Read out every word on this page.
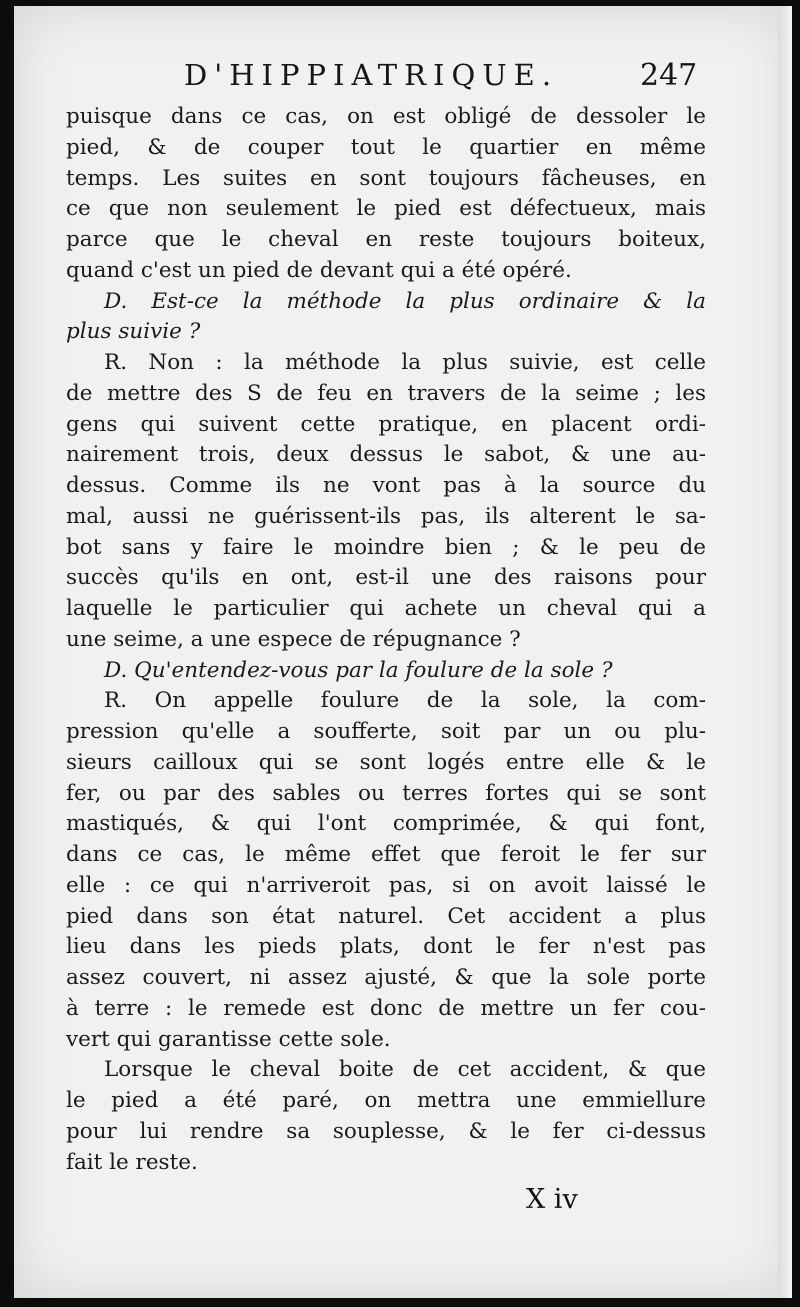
D'HIPPIATRIQUE.	247
puisque dans ce cas, on est obligé de dessoler le
pied, & de couper tout le quartier en même
temps. Les suites en sont toujours fâcheuses, en
ce que non seulement le pied est défectueux, mais
parce que le cheval en reste toujours boiteux,
quand c'est un pied de devant qui a été opéré.
D. Est-ce la méthode la plus ordinaire & la
plus suivie ?
R. Non : la méthode la plus suivie, est celle
de mettre des S de feu en travers de la seime ; les
gens qui suivent cette pratique, en placent ordi-
nairement trois, deux dessus le sabot, & une au-
dessus. Comme ils ne vont pas à la source du
mal, aussi ne guérissent-ils pas, ils alterent le sa-
bot sans y faire le moindre bien ; & le peu de
succès qu'ils en ont, est-il une des raisons pour
laquelle le particulier qui achete un cheval qui a
une seime, a une espece de répugnance ?
D. Qu'entendez-vous par la foulure de la sole ?
R. On appelle foulure de la sole, la com-
pression qu'elle a soufferte, soit par un ou plu-
sieurs cailloux qui se sont logés entre elle & le
fer, ou par des sables ou terres fortes qui se sont
mastiqués, & qui l'ont comprimée, & qui font,
dans ce cas, le même effet que feroit le fer sur
elle : ce qui n'arriveroit pas, si on avoit laissé le
pied dans son état naturel. Cet accident a plus
lieu dans les pieds plats, dont le fer n'est pas
assez couvert, ni assez ajusté, & que la sole porte
à terre : le remede est donc de mettre un fer cou-
vert qui garantisse cette sole.
Lorsque le cheval boite de cet accident, & que
le pied a été paré, on mettra une emmiellure
pour lui rendre sa souplesse, & le fer ci-dessus
fait le reste.
X iv
